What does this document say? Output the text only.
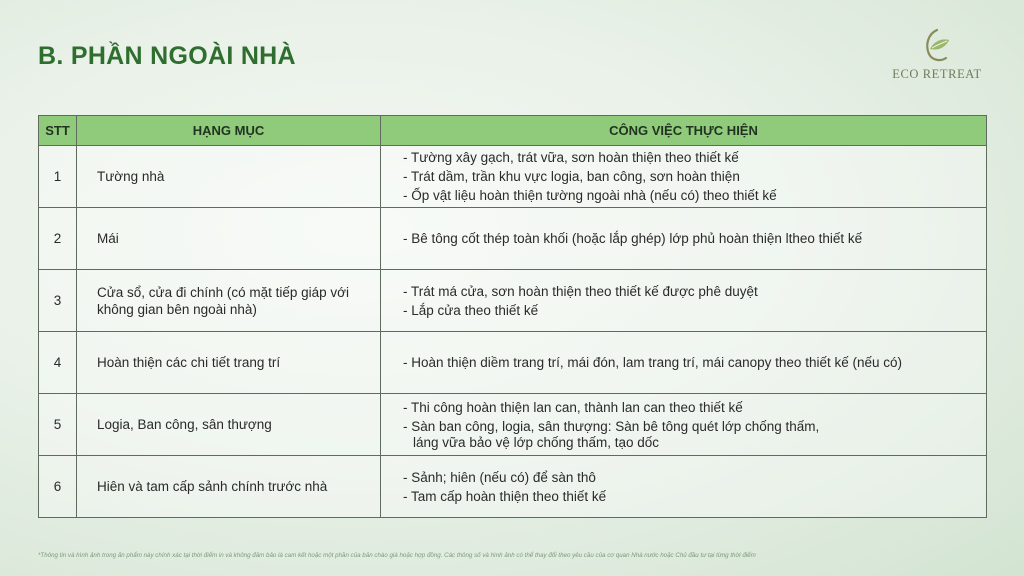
B. PHẦN NGOÀI NHÀ
ECO RETREAT
STT	HẠNG MỤC	CÔNG VIỆC THỰC HIỆN
1	Tường nhà	- Tường xây gạch, trát vữa, sơn hoàn thiện theo thiết kế
- Trát dầm, trần khu vực logia, ban công, sơn hoàn thiện
- Ốp vật liệu hoàn thiện tường ngoài nhà (nếu có) theo thiết kế

2	Mái	- Bê tông cốt thép toàn khối (hoặc lắp ghép) lớp phủ hoàn thiện ltheo thiết kế

3	Cửa sổ, cửa đi chính (có mặt tiếp giáp với không gian bên ngoài nhà)	- Trát má cửa, sơn hoàn thiện theo thiết kế được phê duyệt
- Lắp cửa theo thiết kế

4	Hoàn thiện các chi tiết trang trí	- Hoàn thiện diềm trang trí, mái đón, lam trang trí, mái canopy theo thiết kế (nếu có)

5	Logia, Ban công, sân thượng	- Thi công hoàn thiện lan can, thành lan can theo thiết kế
- Sàn ban công, logia, sân thượng: Sàn bê tông quét lớp chống thấm,
láng vữa bảo vệ lớp chống thấm, tạo dốc

6	Hiên và tam cấp sảnh chính trước nhà	- Sảnh; hiên (nếu có) để sàn thô
- Tam cấp hoàn thiện theo thiết kế
*Thông tin và hình ảnh trong ấn phẩm này chính xác tại thời điểm in và không đảm bảo là cam kết hoặc một phần của bản chào giá hoặc hợp đồng. Các thông số và hình ảnh có thể thay đổi theo yêu cầu của cơ quan Nhà nước hoặc Chủ đầu tư tại từng thời điểm
